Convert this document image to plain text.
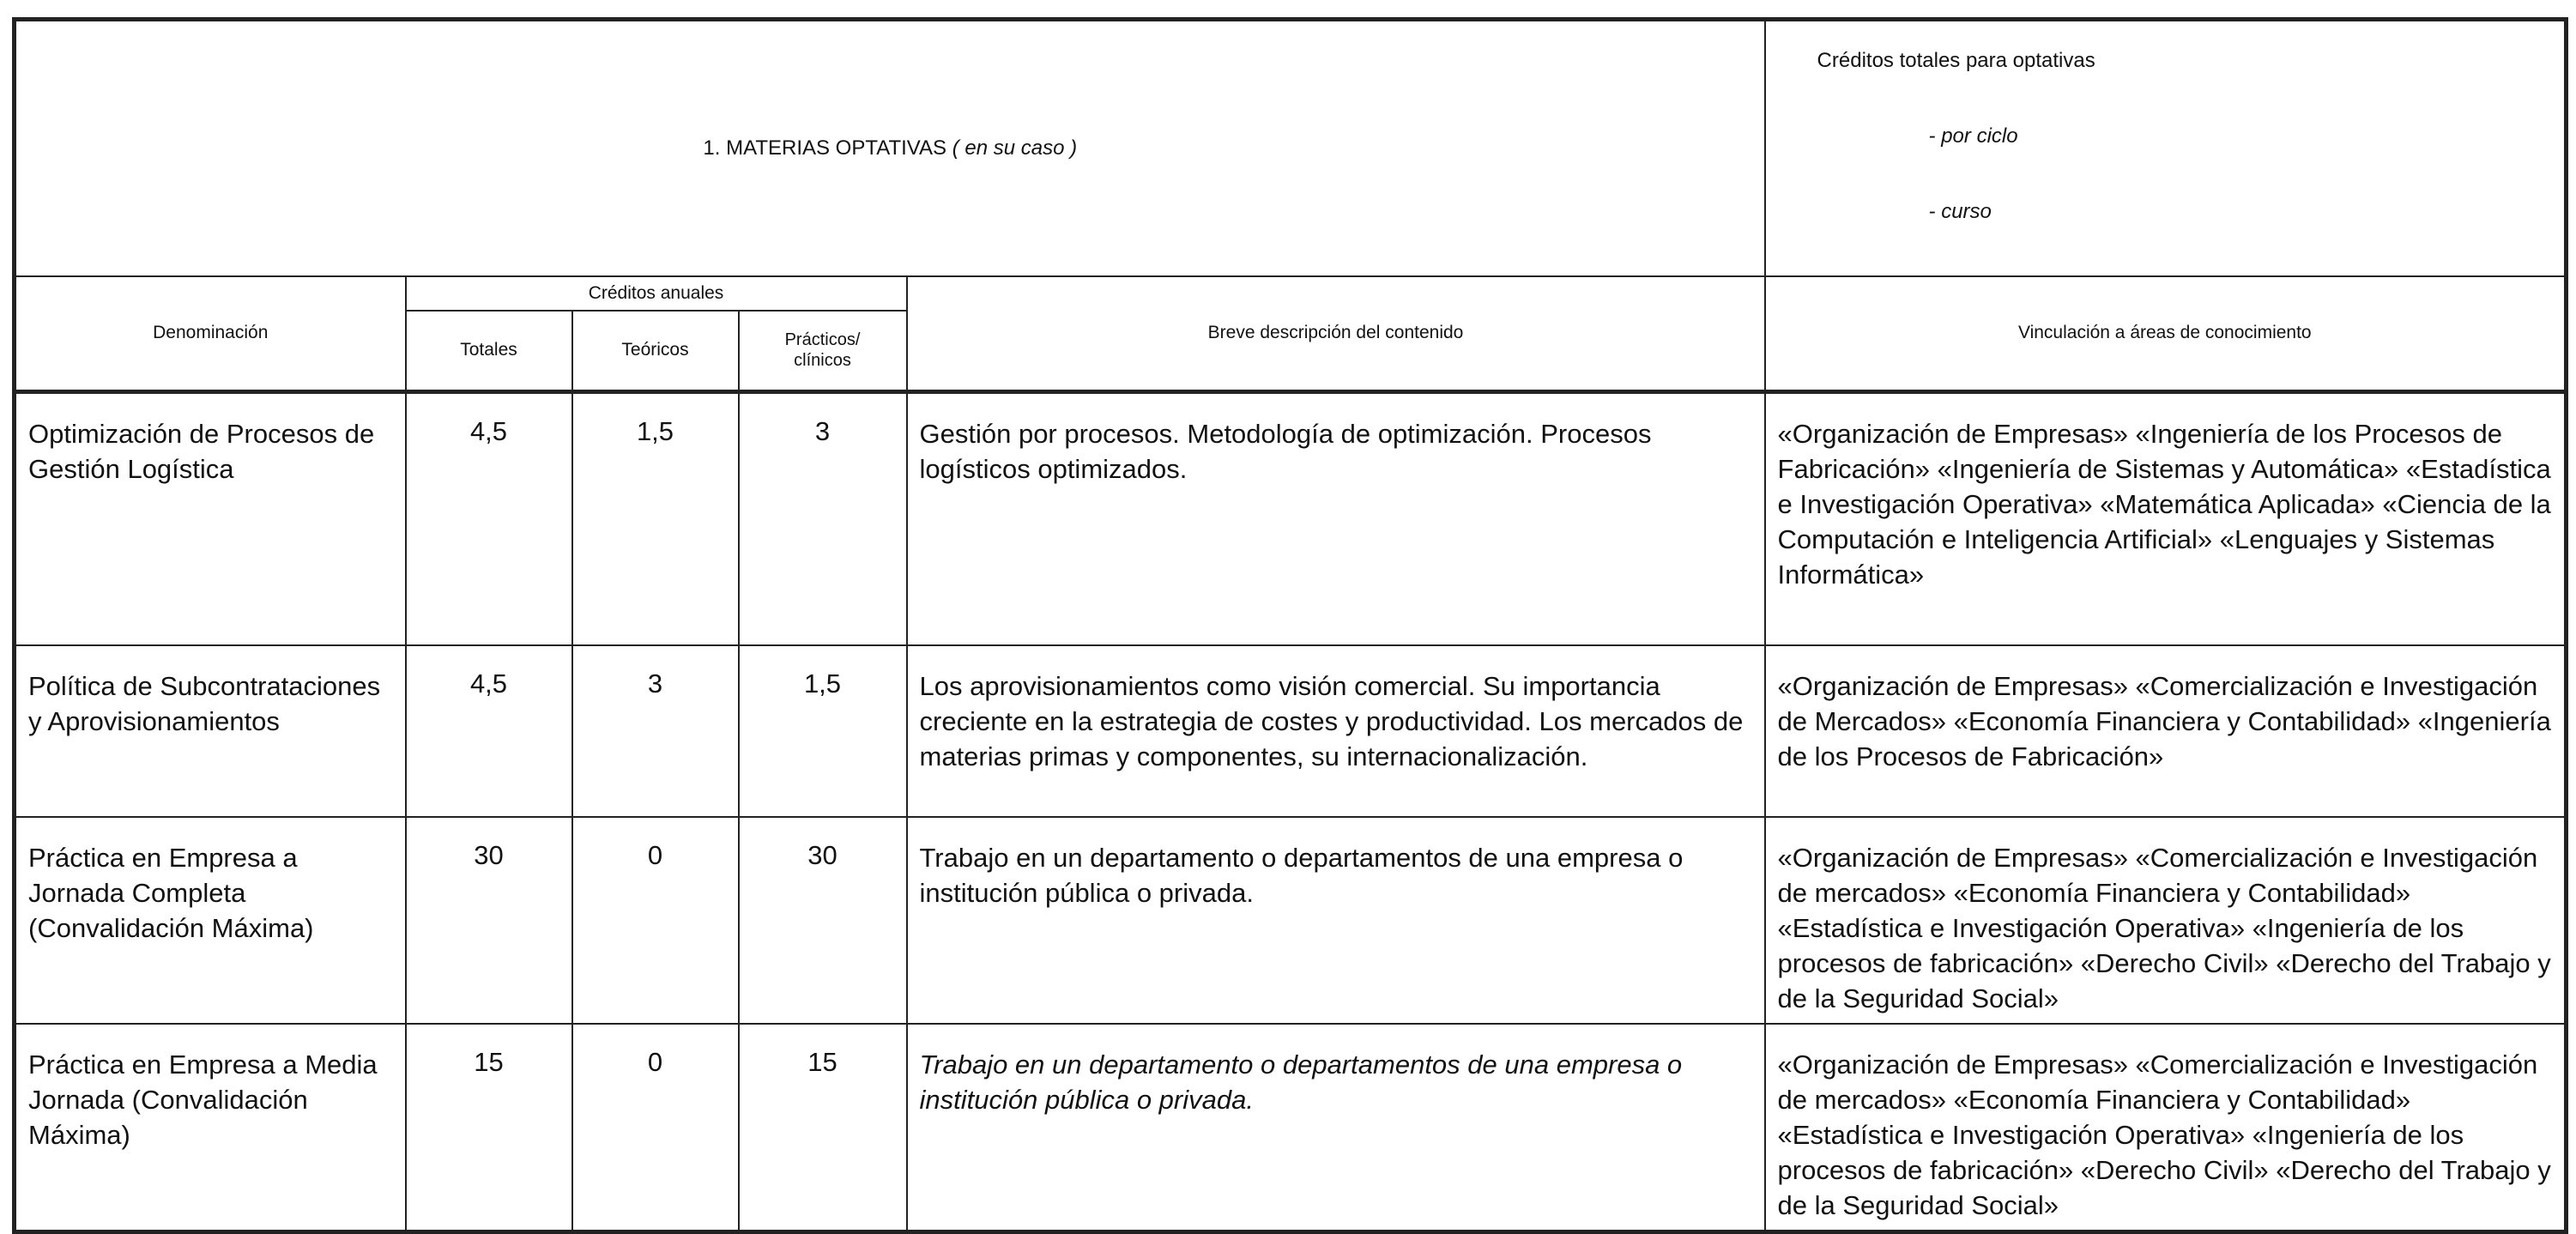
1. MATERIAS OPTATIVAS ( en su caso )					Créditos totales para optativas
- por ciclo
- curso

Denominación	Créditos anuales			Breve descripción del contenido	Vinculación a áreas de conocimiento
	Totales	Teóricos	Prácticos/
clínicos		

Optimización de Procesos de Gestión Logística	4,5	1,5	3	Gestión por procesos. Metodología de optimización. Procesos logísticos optimizados.	«Organización de Empresas» «Ingeniería de los Procesos de Fabricación» «Ingeniería de Sistemas y Automática» «Estadística e Investigación Operativa» «Matemática Aplicada» «Ciencia de la Computación e Inteligencia Artificial» «Lenguajes y Sistemas Informática»
Política de Subcontrataciones y Aprovisionamientos	4,5	3	1,5	Los aprovisionamientos como visión comercial. Su importancia creciente en la estrategia de costes y productividad. Los mercados de materias primas y componentes, su internacionalización.	«Organización de Empresas» «Comercialización e Investigación de Mercados» «Economía Financiera y Contabilidad» «Ingeniería de los Procesos de Fabricación»
Práctica en Empresa a Jornada Completa (Convalidación Máxima)	30	0	30	Trabajo en un departamento o departamentos de una empresa o institución pública o privada.	«Organización de Empresas» «Comercialización e Investigación de mercados» «Economía Financiera y Contabilidad» «Estadística e Investigación Operativa» «Ingeniería de los procesos de fabricación» «Derecho Civil» «Derecho del Trabajo y de la Seguridad Social»
Práctica en Empresa a Media Jornada (Convalidación Máxima)	15	0	15	Trabajo en un departamento o departamentos de una empresa o institución pública o privada.	«Organización de Empresas» «Comercialización e Investigación de mercados» «Economía Financiera y Contabilidad» «Estadística e Investigación Operativa» «Ingeniería de los procesos de fabricación» «Derecho Civil» «Derecho del Trabajo y de la Seguridad Social»
